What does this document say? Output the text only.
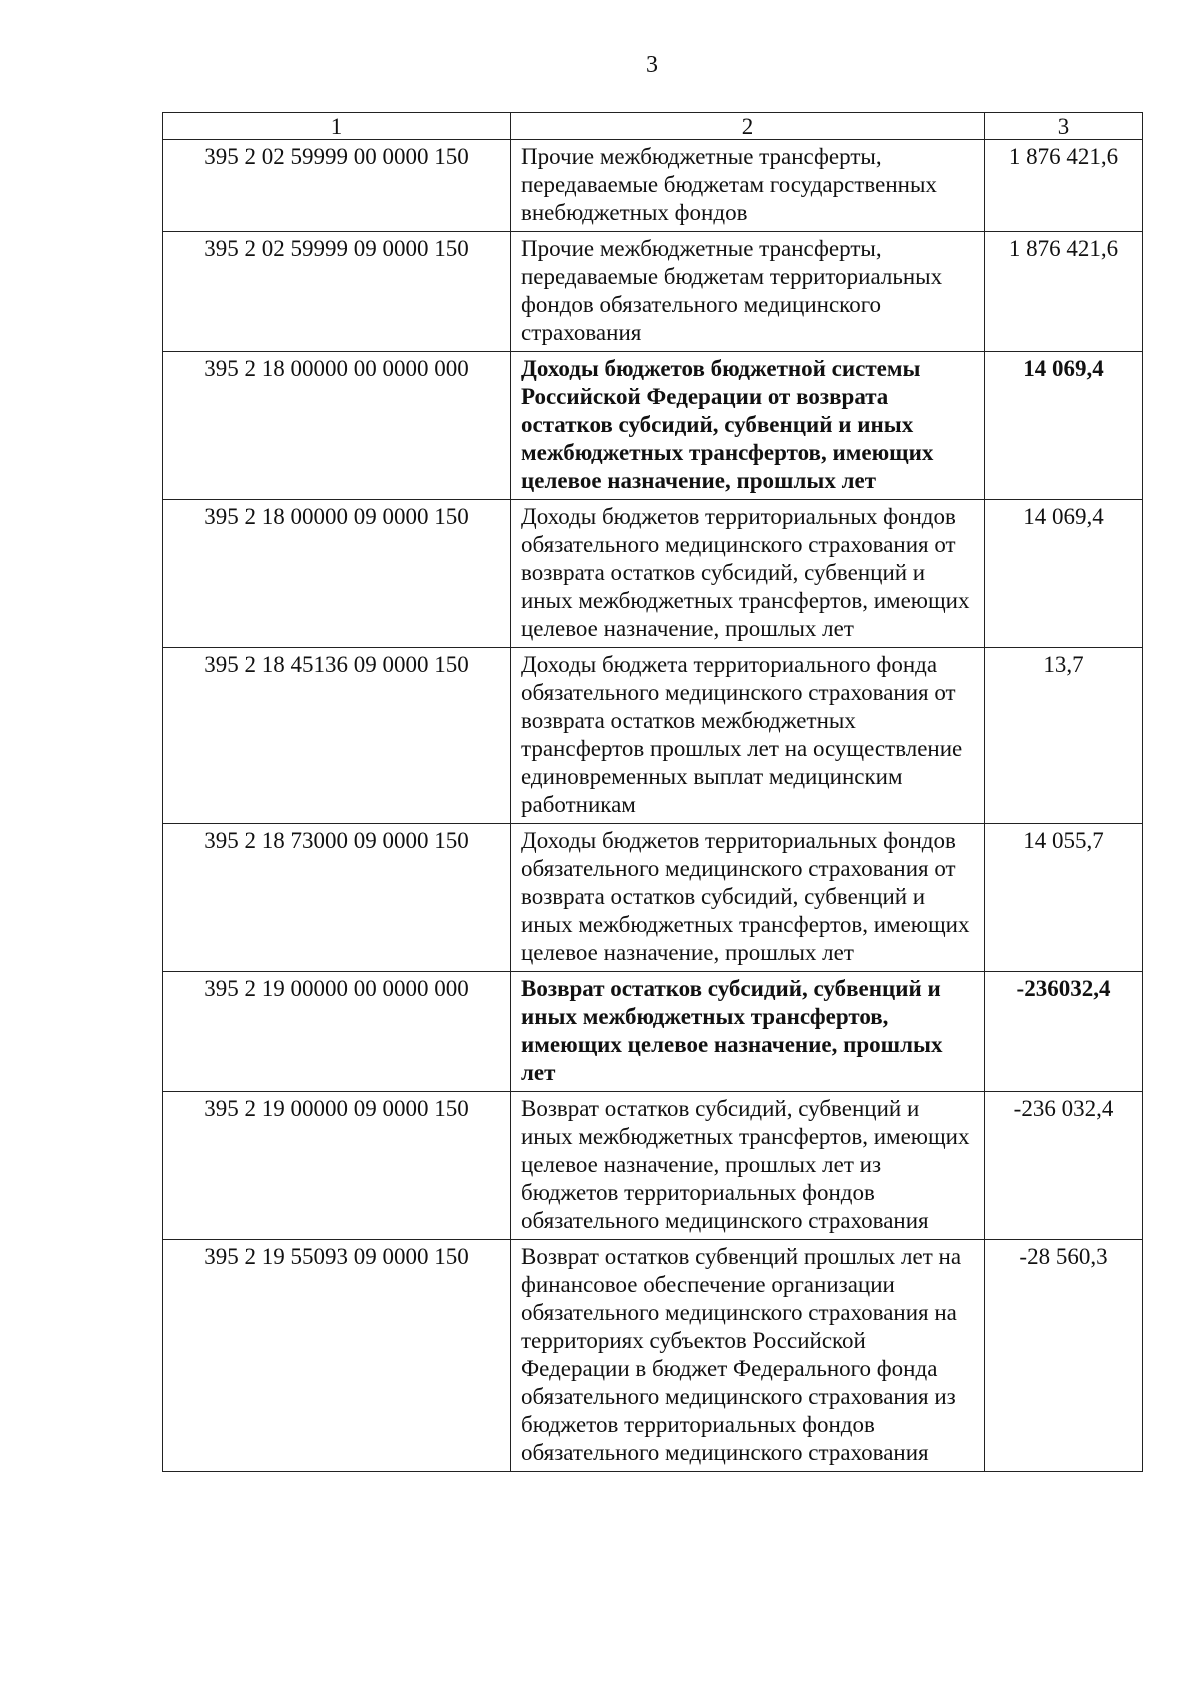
3
1	2	3
395 2 02 59999 00 0000 150	Прочие межбюджетные трансферты, передаваемые бюджетам государственных внебюджетных фондов	1 876 421,6
395 2 02 59999 09 0000 150	Прочие межбюджетные трансферты, передаваемые бюджетам территориальных фондов обязательного медицинского страхования	1 876 421,6
395 2 18 00000 00 0000 000	Доходы бюджетов бюджетной системы Российской Федерации от возврата остатков субсидий, субвенций и иных межбюджетных трансфертов, имеющих целевое назначение, прошлых лет	14 069,4
395 2 18 00000 09 0000 150	Доходы бюджетов территориальных фондов обязательного медицинского страхования от возврата остатков субсидий, субвенций и иных межбюджетных трансфертов, имеющих целевое назначение, прошлых лет	14 069,4
395 2 18 45136 09 0000 150	Доходы бюджета территориального фонда обязательного медицинского страхования от возврата остатков межбюджетных трансфертов прошлых лет на осуществление единовременных выплат медицинским работникам	13,7
395 2 18 73000 09 0000 150	Доходы бюджетов территориальных фондов обязательного медицинского страхования от возврата остатков субсидий, субвенций и иных межбюджетных трансфертов, имеющих целевое назначение, прошлых лет	14 055,7
395 2 19 00000 00 0000 000	Возврат остатков субсидий, субвенций и иных межбюджетных трансфертов, имеющих целевое назначение, прошлых лет	-236032,4
395 2 19 00000 09 0000 150	Возврат остатков субсидий, субвенций и иных межбюджетных трансфертов, имеющих целевое назначение, прошлых лет из бюджетов территориальных фондов обязательного медицинского страхования	-236 032,4
395 2 19 55093 09 0000 150	Возврат остатков субвенций прошлых лет на финансовое обеспечение организации обязательного медицинского страхования на территориях субъектов Российской Федерации в бюджет Федерального фонда обязательного медицинского страхования из бюджетов территориальных фондов обязательного медицинского страхования	-28 560,3
